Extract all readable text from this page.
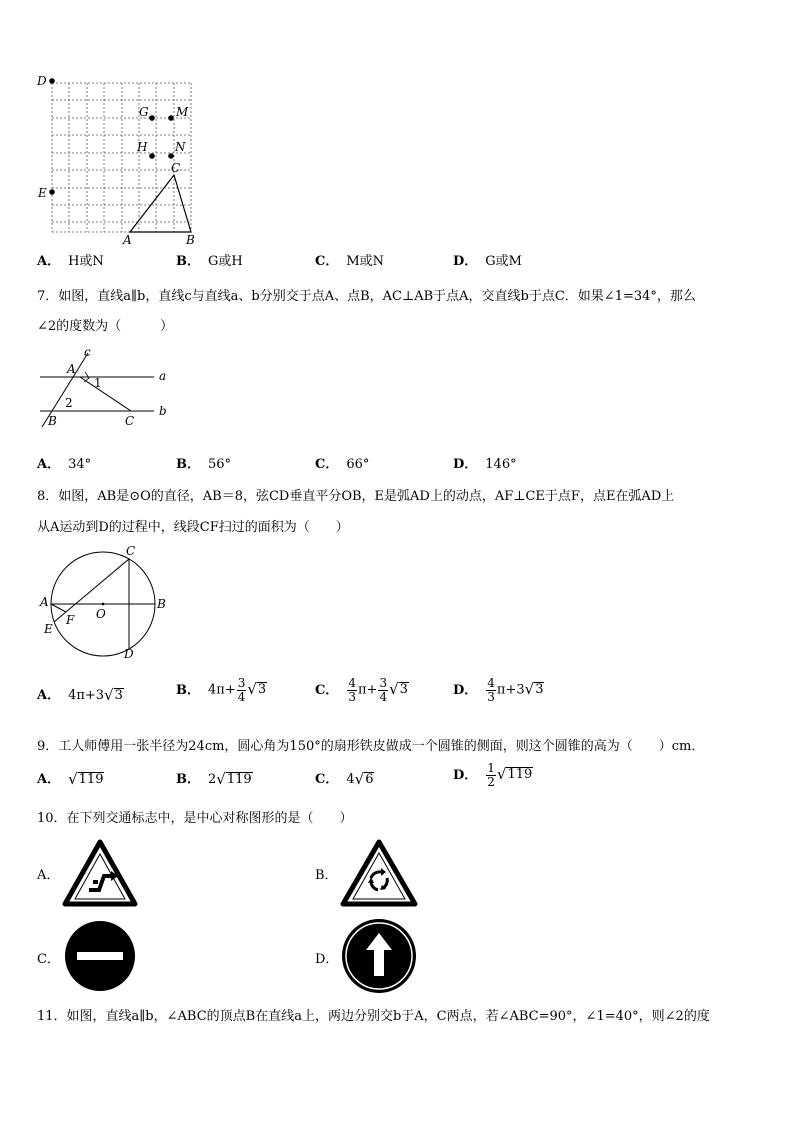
D
G M
H N
E
C
A	B
A． H或N	B． G或H	C． M或N	D． G或M
7．如图，直线a∥b，直线c与直线a、b分别交于点A、点B，AC⊥AB于点A，交直线b于点C．如果∠1=34°，那么
∠2的度数为（　　　）
c
a
b
A
B	C
1
2
A． 34°	B． 56°	C． 66°	D． 146°
8．如图，AB是⊙O的直径，AB＝8，弦CD垂直平分OB，E是弧AD上的动点，AF⊥CE于点F，点E在弧AD上
从A运动到D的过程中，线段CF扫过的面积为（　　）
C
A
O
B
E
F
D
A． 4π+3 √ 3	B． $4\pi+ \frac{3}{4}$ √ 3	C． $\frac{4}{3} \pi+ \frac{3}{4}$ √ 3	D． $\frac{4}{3} \pi+3$ √ 3
9．工人师傅用一张半径为24cm，圆心角为150°的扇形铁皮做成一个圆锥的侧面，则这个圆锥的高为（　　）cm．
A． √ 119	B． 2 √ 119	C． 4 √ 6	D． $\frac{1}{2}$ √ 119
10．在下列交通标志中，是中心对称图形的是（　　）
A．	B．
C．	D．
11．如图，直线a∥b，∠ABC的顶点B在直线a上，两边分别交b于A，C两点，若∠ABC=90°，∠1=40°，则∠2的度
